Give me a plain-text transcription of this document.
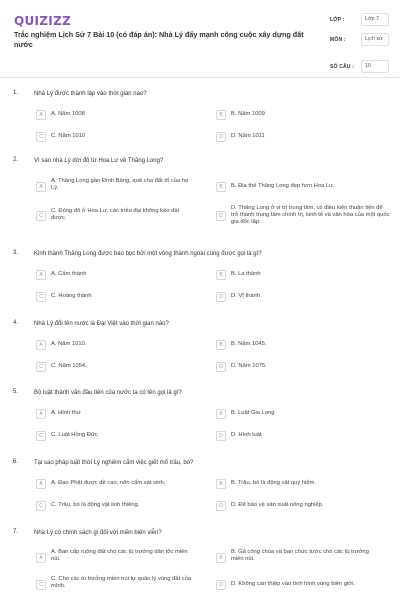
QUIZIZZ
Trắc nghiệm Lịch Sử 7 Bài 10 (có đáp án): Nhà Lý đẩy mạnh công cuộc xây dựng đất nước
LỚP :	Lớp 7
MÔN :	Lịch sử
SỐ CÂU :	10
1.	Nhà Lý được thành lập vào thời gian nào?
A	A. Năm 1008	B	B. Năm 1009
C	C. Năm 1010	D	D. Năm 1011
2.	Vì sao nhà Lý dời đô từ Hoa Lư về Thăng Long?
A
A. Thăng Long gần Đình Bảng, quê cha đất tổ của họ Lý.	B	B. Địa thế Thăng Long đẹp hơn Hoa Lư.
C
C. Đóng đô ở Hoa Lư, các triều đại không kéo dài được.	D
D. Thăng Long ở vị trí trung tâm, có điều kiện thuận tiện để trở thành trung tâm chính trị, kinh tế và văn hóa của một quốc gia độc lập.
3.	Kinh thành Thăng Long được bao bọc bởi một vòng thành ngoài cùng được gọi là gì?
A	A. Cấm thành	B	B. La thành
C	C. Hoàng thành	D	D. Vĩ thành
4.	Nhà Lý đổi tên nước là Đại Việt vào thời gian nào?
A	A. Năm 1010.	B	B. Năm 1045.
C	C. Năm 1054.	D	D. Năm 1075.
5.	Bộ luật thành văn đầu tiên của nước ta có tên gọi là gì?
A	A. Hình thư	B	B. Luật Gia Long
C	C. Luật Hồng Đức	D	D. Hình luật
6.	Tại sao pháp luật thời Lý nghiêm cấm việc giết mổ trâu, bò?
A	A. Đạo Phật được đề cao, nên cấm sát sinh.	B	B. Trâu, bò là động vật quý hiếm.
C	C. Trâu, bò là động vật linh thiêng.	D	D. Để bảo vệ sản xuất nông nghiệp.
7.	Nhà Lý có chính sách gì đối với miền biên viễn?
A
A. Ban cấp ruộng đất cho các tù trưởng dân tộc miền núi.	B
B. Gả công chúa và ban chức tước cho các tù trưởng miền núi.
C
C. Cho các tù trưởng miền núi tự quản lý vùng đất của mình.	D	D. Không can thiệp vào tình hình vùng biên giới.
